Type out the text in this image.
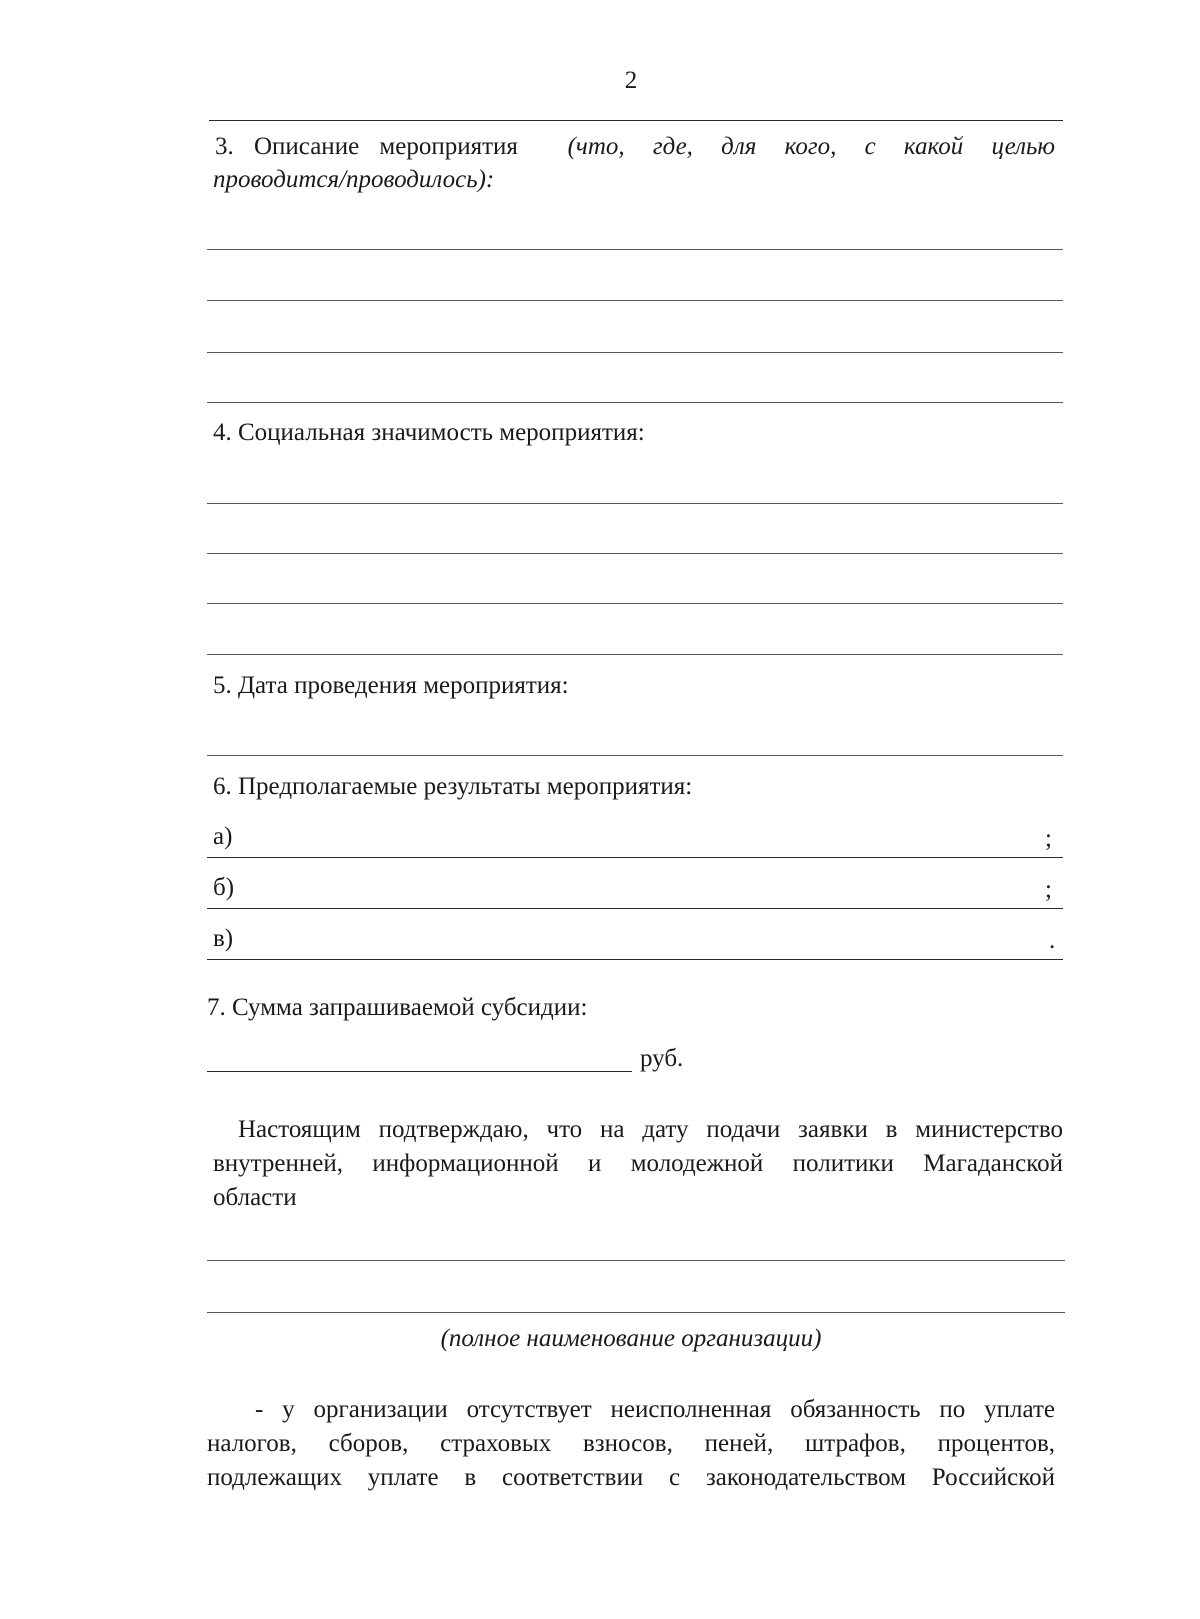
2
3. Описание мероприятия (что, где, для кого, с какой целью
проводится/проводилось):
4. Социальная значимость мероприятия:
5. Дата проведения мероприятия:
6. Предполагаемые результаты мероприятия:
а)	;
б)	;
в)	.
7. Сумма запрашиваемой субсидии:
руб.
Настоящим подтверждаю, что на дату подачи заявки в министерство
внутренней, информационной и молодежной политики Магаданской
области
(полное наименование организации)
- у организации отсутствует неисполненная обязанность по уплате
налогов, сборов, страховых взносов, пеней, штрафов, процентов,
подлежащих уплате в соответствии с законодательством Российской
